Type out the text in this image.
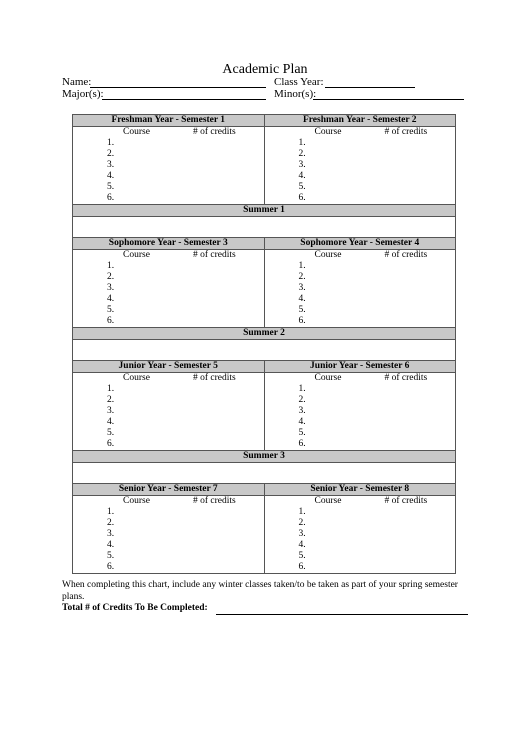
Academic Plan
Name:	Class Year:
Major(s):	Minor(s):
Freshman Year - Semester 1
Course	# of credits
1.
2.
3.
4.
5.
6.
Freshman Year - Semester 2
Course	# of credits
1.
2.
3.
4.
5.
6.
Summer 1
Sophomore Year - Semester 3
Course	# of credits
1.
2.
3.
4.
5.
6.
Sophomore Year - Semester 4
Course	# of credits
1.
2.
3.
4.
5.
6.
Summer 2
Junior Year - Semester 5
Course	# of credits
1.
2.
3.
4.
5.
6.
Junior Year - Semester 6
Course	# of credits
1.
2.
3.
4.
5.
6.
Summer 3
Senior Year - Semester 7
Course	# of credits
1.
2.
3.
4.
5.
6.
Senior Year - Semester 8
Course	# of credits
1.
2.
3.
4.
5.
6.
When completing this chart, include any winter classes taken/to be taken as part of your spring semester plans.
Total # of Credits To Be Completed:
